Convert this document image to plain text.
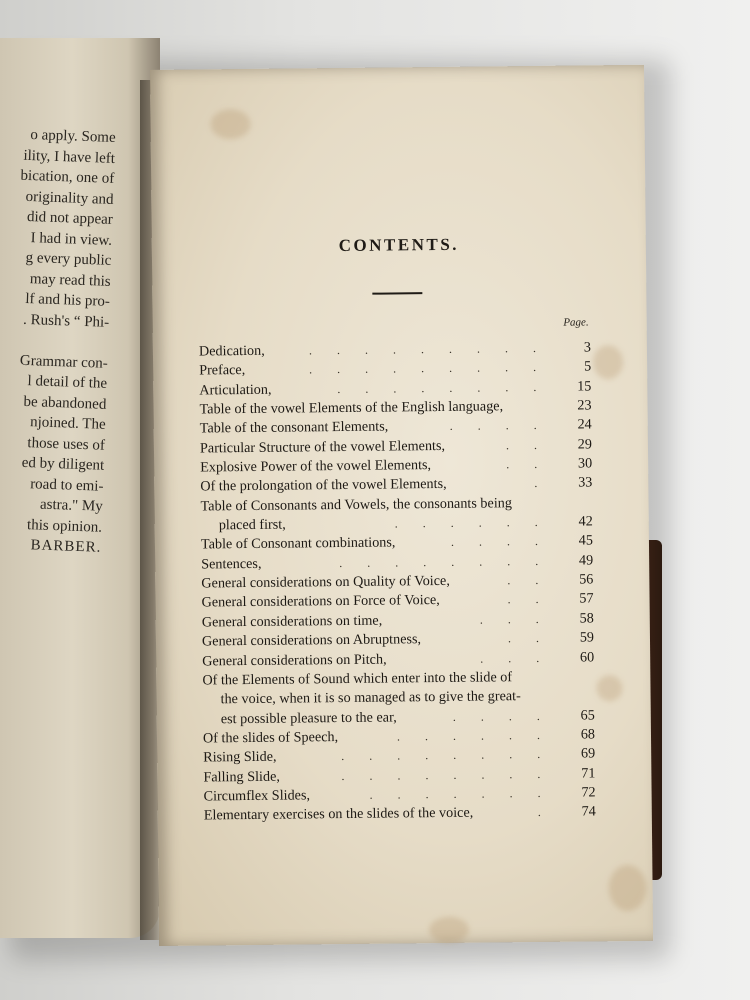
o apply. Some
ility, I have left
bication, one of
originality and
did not appear
I had in view.
g every public
may read this
lf and his pro-
. Rush's “ Phi-

Grammar con-
l detail of the
be abandoned
njoined. The
those uses of
ed by diligent
road to emi-
astra." My
this opinion.
BARBER.
CONTENTS.
Page.
Dedication,	. . . . . . . . .	3
Preface,	. . . . . . . . .	5
Articulation,	. . . . . . . .	15
Table of the vowel Elements of the English language,	23
Table of the consonant Elements,	. . . .	24
Particular Structure of the vowel Elements,	. .	29
Explosive Power of the vowel Elements,	. .	30
Of the prolongation of the vowel Elements,	.	33
Table of Consonants and Vowels, the consonants being
placed first,	. . . . . .	42
Table of Consonant combinations,	. . . .	45
Sentences,	. . . . . . . .	49
General considerations on Quality of Voice,	. .	56
General considerations on Force of Voice,	. .	57
General considerations on time,	. . .	58
General considerations on Abruptness,	. .	59
General considerations on Pitch,	. . .	60
Of the Elements of Sound which enter into the slide of
the voice, when it is so managed as to give the great-
est possible pleasure to the ear,	. . . .	65
Of the slides of Speech,	. . . . . .	68
Rising Slide,	. . . . . . . .	69
Falling Slide,	. . . . . . . .	71
Circumflex Slides,	. . . . . . .	72
Elementary exercises on the slides of the voice,	.	74
